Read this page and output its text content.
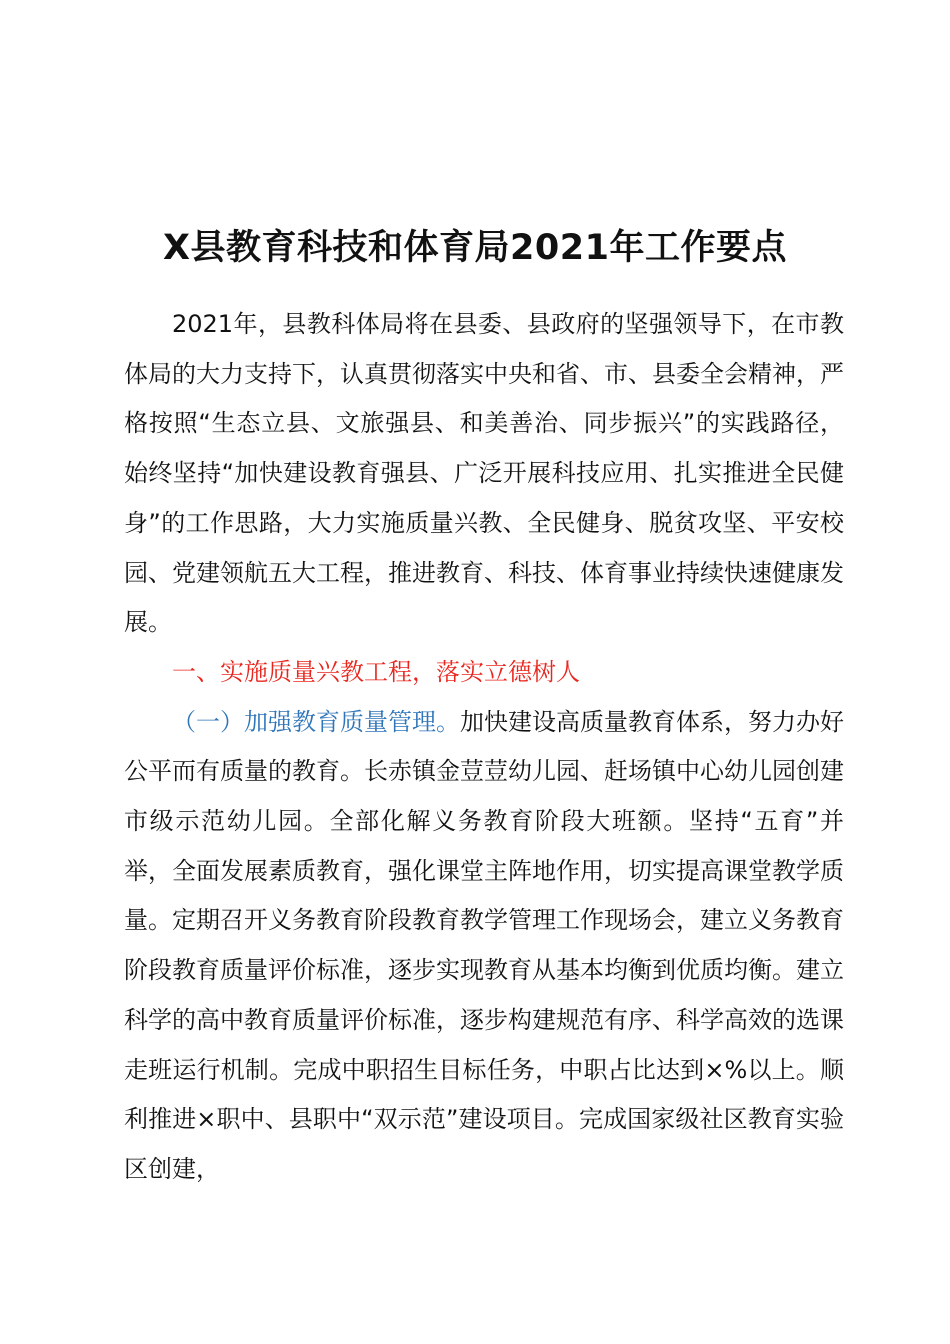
X县教育科技和体育局2021年工作要点

2021年，县教科体局将在县委、县政府的坚强领导下，在市教体局的大力支持下，认真贯彻落实中央和省、市、县委全会精神，严格按照“生态立县、文旅强县、和美善治、同步振兴”的实践路径，始终坚持“加快建设教育强县、广泛开展科技应用、扎实推进全民健身”的工作思路，大力实施质量兴教、全民健身、脱贫攻坚、平安校园、党建领航五大工程，推进教育、科技、体育事业持续快速健康发展。

一、实施质量兴教工程，落实立德树人

（一）加强教育质量管理。加快建设高质量教育体系，努力办好公平而有质量的教育。长赤镇金荳荳幼儿园、赶场镇中心幼儿园创建市级示范幼儿园。全部化解义务教育阶段大班额。坚持“五育”并举，全面发展素质教育，强化课堂主阵地作用，切实提高课堂教学质量。定期召开义务教育阶段教育教学管理工作现场会，建立义务教育阶段教育质量评价标准，逐步实现教育从基本均衡到优质均衡。建立科学的高中教育质量评价标准，逐步构建规范有序、科学高效的选课走班运行机制。完成中职招生目标任务，中职占比达到×%以上。顺利推进×职中、县职中“双示范”建设项目。完成国家级社区教育实验区创建，
